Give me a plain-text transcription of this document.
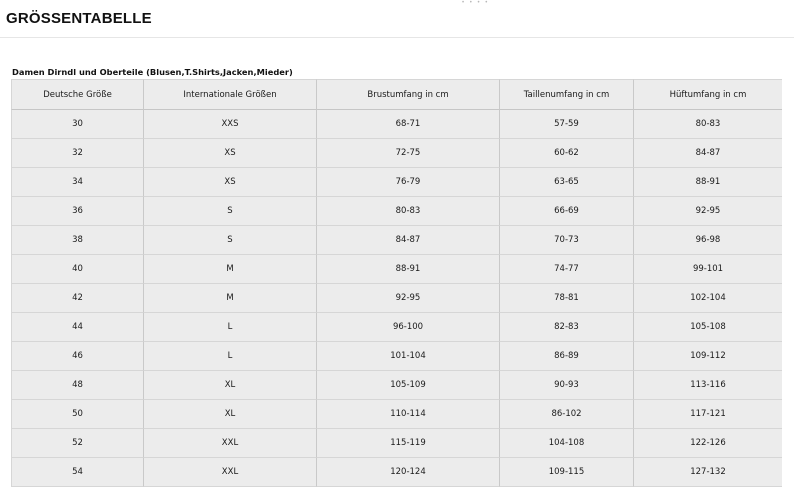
GRÖSSENTABELLE
• • • •
Damen Dirndl und Oberteile (Blusen,T.Shirts,Jacken,Mieder)
Deutsche Größe	Internationale Größen	Brustumfang in cm	Taillenumfang in cm	Hüftumfang in cm
30	XXS	68-71	57-59	80-83
32	XS	72-75	60-62	84-87
34	XS	76-79	63-65	88-91
36	S	80-83	66-69	92-95
38	S	84-87	70-73	96-98
40	M	88-91	74-77	99-101
42	M	92-95	78-81	102-104
44	L	96-100	82-83	105-108
46	L	101-104	86-89	109-112
48	XL	105-109	90-93	113-116
50	XL	110-114	86-102	117-121
52	XXL	115-119	104-108	122-126
54	XXL	120-124	109-115	127-132
